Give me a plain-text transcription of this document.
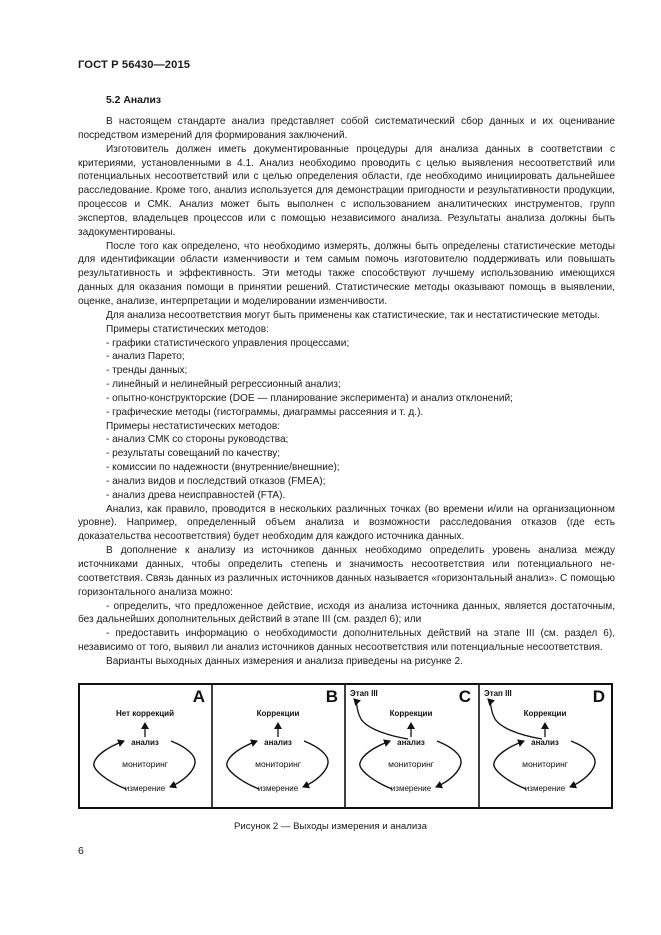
ГОСТ Р 56430—2015
5.2 Анализ

В настоящем стандарте анализ представляет собой систематический сбор данных и их оценивание посредством измерений для формирования заключений.

Изготовитель должен иметь документированные процедуры для анализа данных в соответствии с критериями, установленными в 4.1. Анализ необходимо проводить с целью выявления несоответствий или потенциальных несоответствий или с целью определения области, где необходимо инициировать дальнейшее расследование. Кроме того, анализ используется для демонстрации пригодности и результативности продукции, процессов и СМК. Анализ может быть выполнен с использованием аналитических инструментов, групп экспертов, владельцев процессов или с помощью независимого анализа. Результаты анализа должны быть задокументированы.

После того как определено, что необходимо измерять, должны быть определены статистические методы для идентификации области изменчивости и тем самым помочь изготовителю поддерживать или повышать результативность и эффективность. Эти методы также способствуют лучшему использованию имеющихся данных для оказания помощи в принятии решений. Статистические методы оказывают помощь в выявлении, оценке, анализе, интерпретации и моделировании изменчивости.

Для анализа несоответствия могут быть применены как статистические, так и нестатистические методы.

Примеры статистических методов:

- графики статистического управления процессами;

- анализ Парето;

- тренды данных;

- линейный и нелинейный регрессионный анализ;

- опытно-конструкторские (DOE — планирование эксперимента) и анализ отклонений;

- графические методы (гистограммы, диаграммы рассеяния и т. д.).

Примеры нестатистических методов:

- анализ СМК со стороны руководства;

- результаты совещаний по качеству;

- комиссии по надежности (внутренние/внешние);

- анализ видов и последствий отказов (FMEA);

- анализ древа неисправностей (FTA).

Анализ, как правило, проводится в нескольких различных точках (во времени и/или на организационном уровне). Например, определенный объем анализа и возможности расследования отказов (где есть доказательства несоответствия) будет необходим для каждого источника данных.

В дополнение к анализу из источников данных необходимо определить уровень анализа между источниками данных, чтобы определить степень и значимость несоответствия или потенциального несоответствия. Связь данных из различных источников данных называется «горизонтальный анализ». С помощью горизонтального анализа можно:

- определить, что предложенное действие, исходя из анализа источника данных, является достаточным, без дальнейших дополнительных действий в этапе III (см. раздел 6); или

- предоставить информацию о необходимости дополнительных действий на этапе III (см. раздел 6), независимо от того, выявил ли анализ источников данных несоответствия или потенциальные несоответствия.

Варианты выходных данных измерения и анализа приведены на рисунке 2.

A
Нет коррекций
анализ
мониторинг
измерение
B
Коррекции
анализ
мониторинг
измерение
C
Этап III
Коррекции
анализ
мониторинг
измерение
D
Этап III
Коррекции
анализ
мониторинг
измерение
Рисунок 2 — Выходы измерения и анализа
6
